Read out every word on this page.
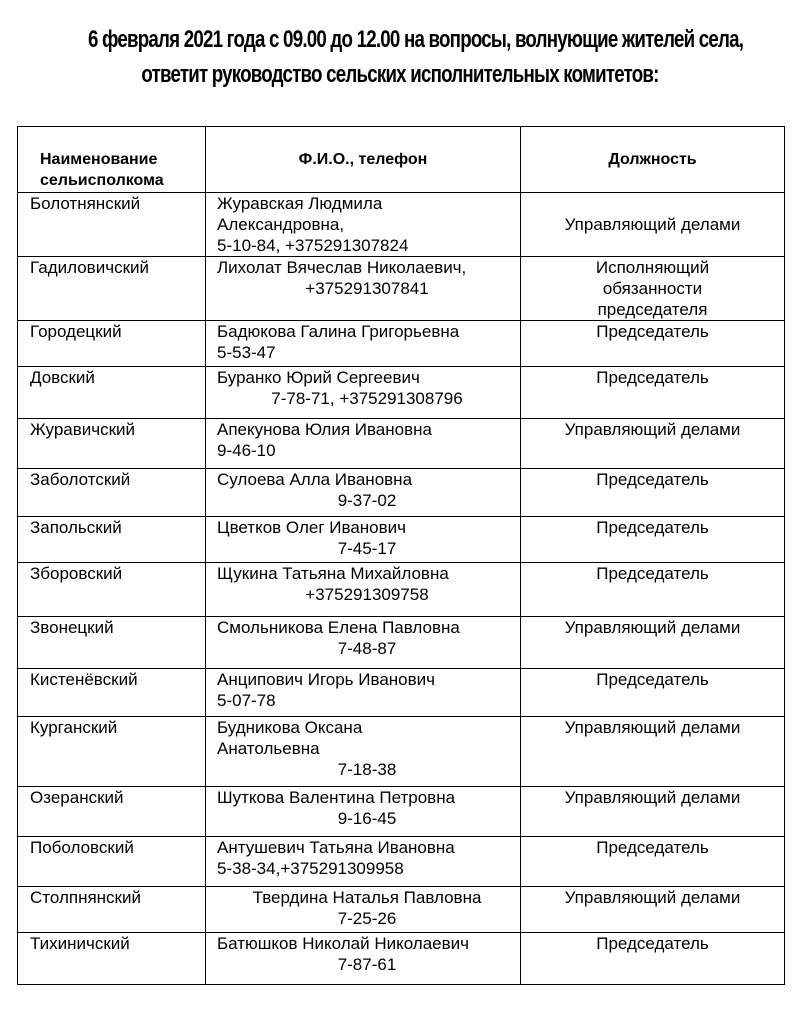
6 февраля 2021 года с 09.00 до 12.00 на вопросы, волнующие жителей села,
ответит руководство сельских исполнительных комитетов:
Наименование сельисполкома	Ф.И.О., телефон	Должность
Болотнянский	Журавская Людмила
Александровна,
5-10-84, +375291307824	Управляющий делами
Гадиловичский	Лихолат Вячеслав Николаевич,
+375291307841	Исполняющий обязанности председателя
Городецкий	Бадюкова Галина Григорьевна
5-53-47	Председатель
Довский	Буранко Юрий Сергеевич
7-78-71, +375291308796	Председатель
Журавичский	Апекунова Юлия Ивановна
9-46-10	Управляющий делами
Заболотский	Сулоева Алла Ивановна
9-37-02	Председатель
Запольский	Цветков Олег Иванович
7-45-17	Председатель
Зборовский	Щукина Татьяна Михайловна
+375291309758	Председатель
Звонецкий	Смольникова Елена Павловна
7-48-87	Управляющий делами
Кистенёвский	Анципович Игорь Иванович
5-07-78	Председатель
Курганский	Будникова Оксана
Анатольевна
7-18-38	Управляющий делами
Озеранский	Шуткова Валентина Петровна
9-16-45	Управляющий делами
Поболовский	Антушевич Татьяна Ивановна
5-38-34,+375291309958	Председатель
Столпнянский	Твердина Наталья Павловна
7-25-26	Управляющий делами
Тихиничский	Батюшков Николай Николаевич
7-87-61	Председатель
